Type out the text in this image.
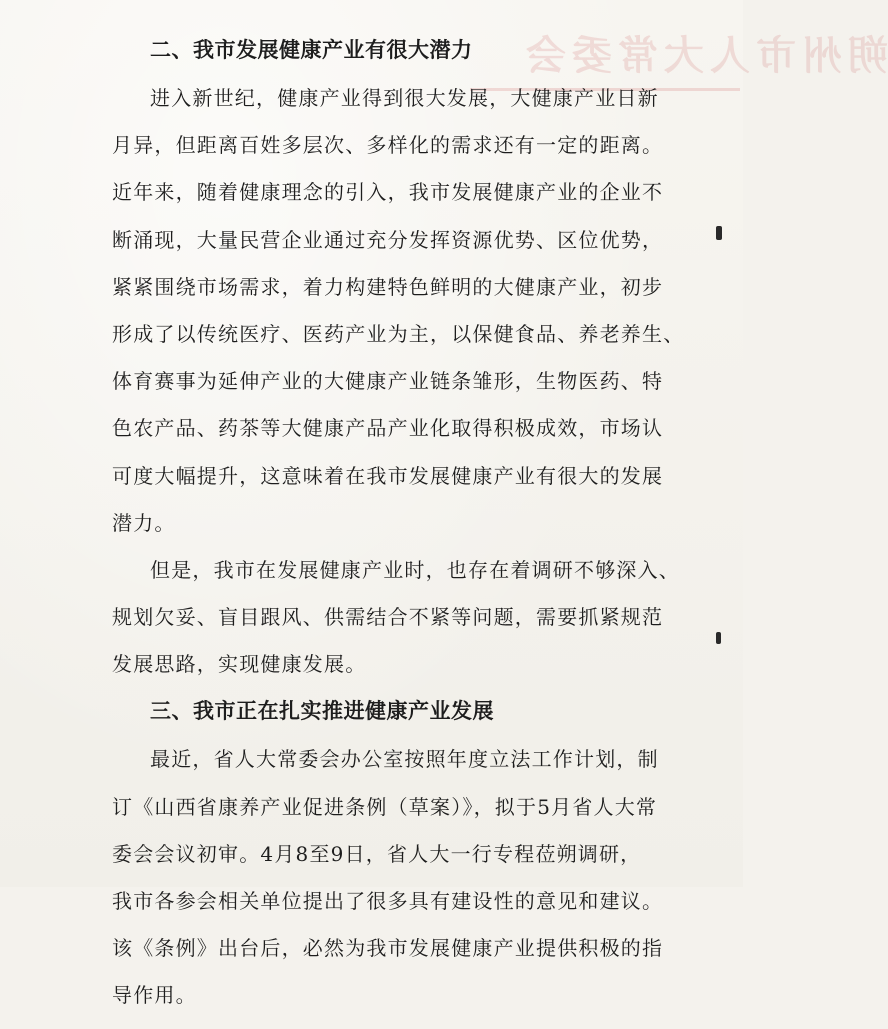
朔州市人大常委会
二、我市发展健康产业有很大潜力
进入新世纪，健康产业得到很大发展，大健康产业日新
月异，但距离百姓多层次、多样化的需求还有一定的距离。
近年来，随着健康理念的引入，我市发展健康产业的企业不
断涌现，大量民营企业通过充分发挥资源优势、区位优势，
紧紧围绕市场需求，着力构建特色鲜明的大健康产业，初步
形成了以传统医疗、医药产业为主，以保健食品、养老养生、
体育赛事为延伸产业的大健康产业链条雏形，生物医药、特
色农产品、药茶等大健康产品产业化取得积极成效，市场认
可度大幅提升，这意味着在我市发展健康产业有很大的发展
潜力。
但是，我市在发展健康产业时，也存在着调研不够深入、
规划欠妥、盲目跟风、供需结合不紧等问题，需要抓紧规范
发展思路，实现健康发展。
三、我市正在扎实推进健康产业发展
最近，省人大常委会办公室按照年度立法工作计划，制
订《山西省康养产业促进条例（草案）》，拟于5月省人大常
委会会议初审。4月8至9日，省人大一行专程莅朔调研，
我市各参会相关单位提出了很多具有建设性的意见和建议。
该《条例》出台后，必然为我市发展健康产业提供积极的指
导作用。
